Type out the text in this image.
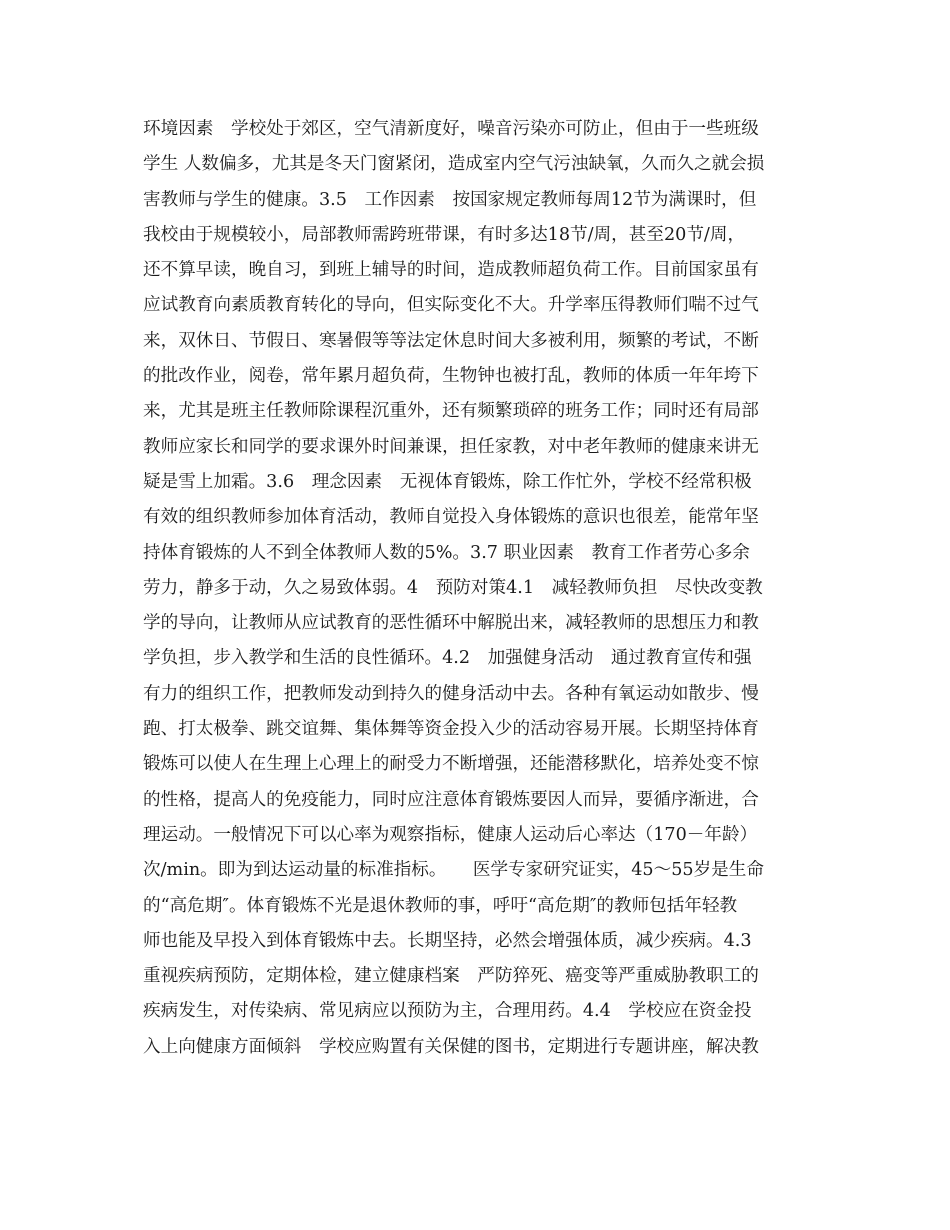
环境因素　学校处于郊区，空气清新度好，噪音污染亦可防止，但由于一些班级
学生 人数偏多，尤其是冬天门窗紧闭，造成室内空气污浊缺氧，久而久之就会损
害教师与学生的健康。3.5　工作因素　按国家规定教师每周12节为满课时，但
我校由于规模较小，局部教师需跨班带课，有时多达18节/周，甚至20节/周，
还不算早读，晚自习，到班上辅导的时间，造成教师超负荷工作。目前国家虽有
应试教育向素质教育转化的导向，但实际变化不大。升学率压得教师们喘不过气
来，双休日、节假日、寒暑假等等法定休息时间大多被利用，频繁的考试，不断
的批改作业，阅卷，常年累月超负荷，生物钟也被打乱，教师的体质一年年垮下
来，尤其是班主任教师除课程沉重外，还有频繁琐碎的班务工作；同时还有局部
教师应家长和同学的要求课外时间兼课，担任家教，对中老年教师的健康来讲无
疑是雪上加霜。3.6　理念因素　无视体育锻炼，除工作忙外，学校不经常积极
有效的组织教师参加体育活动，教师自觉投入身体锻炼的意识也很差，能常年坚
持体育锻炼的人不到全体教师人数的5%。3.7 职业因素　教育工作者劳心多余
劳力，静多于动，久之易致体弱。4　预防对策4.1　减轻教师负担　尽快改变教
学的导向，让教师从应试教育的恶性循环中解脱出来，减轻教师的思想压力和教
学负担，步入教学和生活的良性循环。4.2　加强健身活动　通过教育宣传和强
有力的组织工作，把教师发动到持久的健身活动中去。各种有氧运动如散步、慢
跑、打太极拳、跳交谊舞、集体舞等资金投入少的活动容易开展。长期坚持体育
锻炼可以使人在生理上心理上的耐受力不断增强，还能潜移默化，培养处变不惊
的性格，提高人的免疫能力，同时应注意体育锻炼要因人而异，要循序渐进，合
理运动。一般情况下可以心率为观察指标，健康人运动后心率达（170－年龄）
次/min。即为到达运动量的标准指标。　　医学专家研究证实，45～55岁是生命
的“高危期″。体育锻炼不光是退休教师的事，呼吁“高危期″的教师包括年轻教
师也能及早投入到体育锻炼中去。长期坚持，必然会增强体质，减少疾病。4.3
重视疾病预防，定期体检，建立健康档案　严防猝死、癌变等严重威胁教职工的
疾病发生，对传染病、常见病应以预防为主，合理用药。4.4　学校应在资金投
入上向健康方面倾斜　学校应购置有关保健的图书，定期进行专题讲座，解决教
